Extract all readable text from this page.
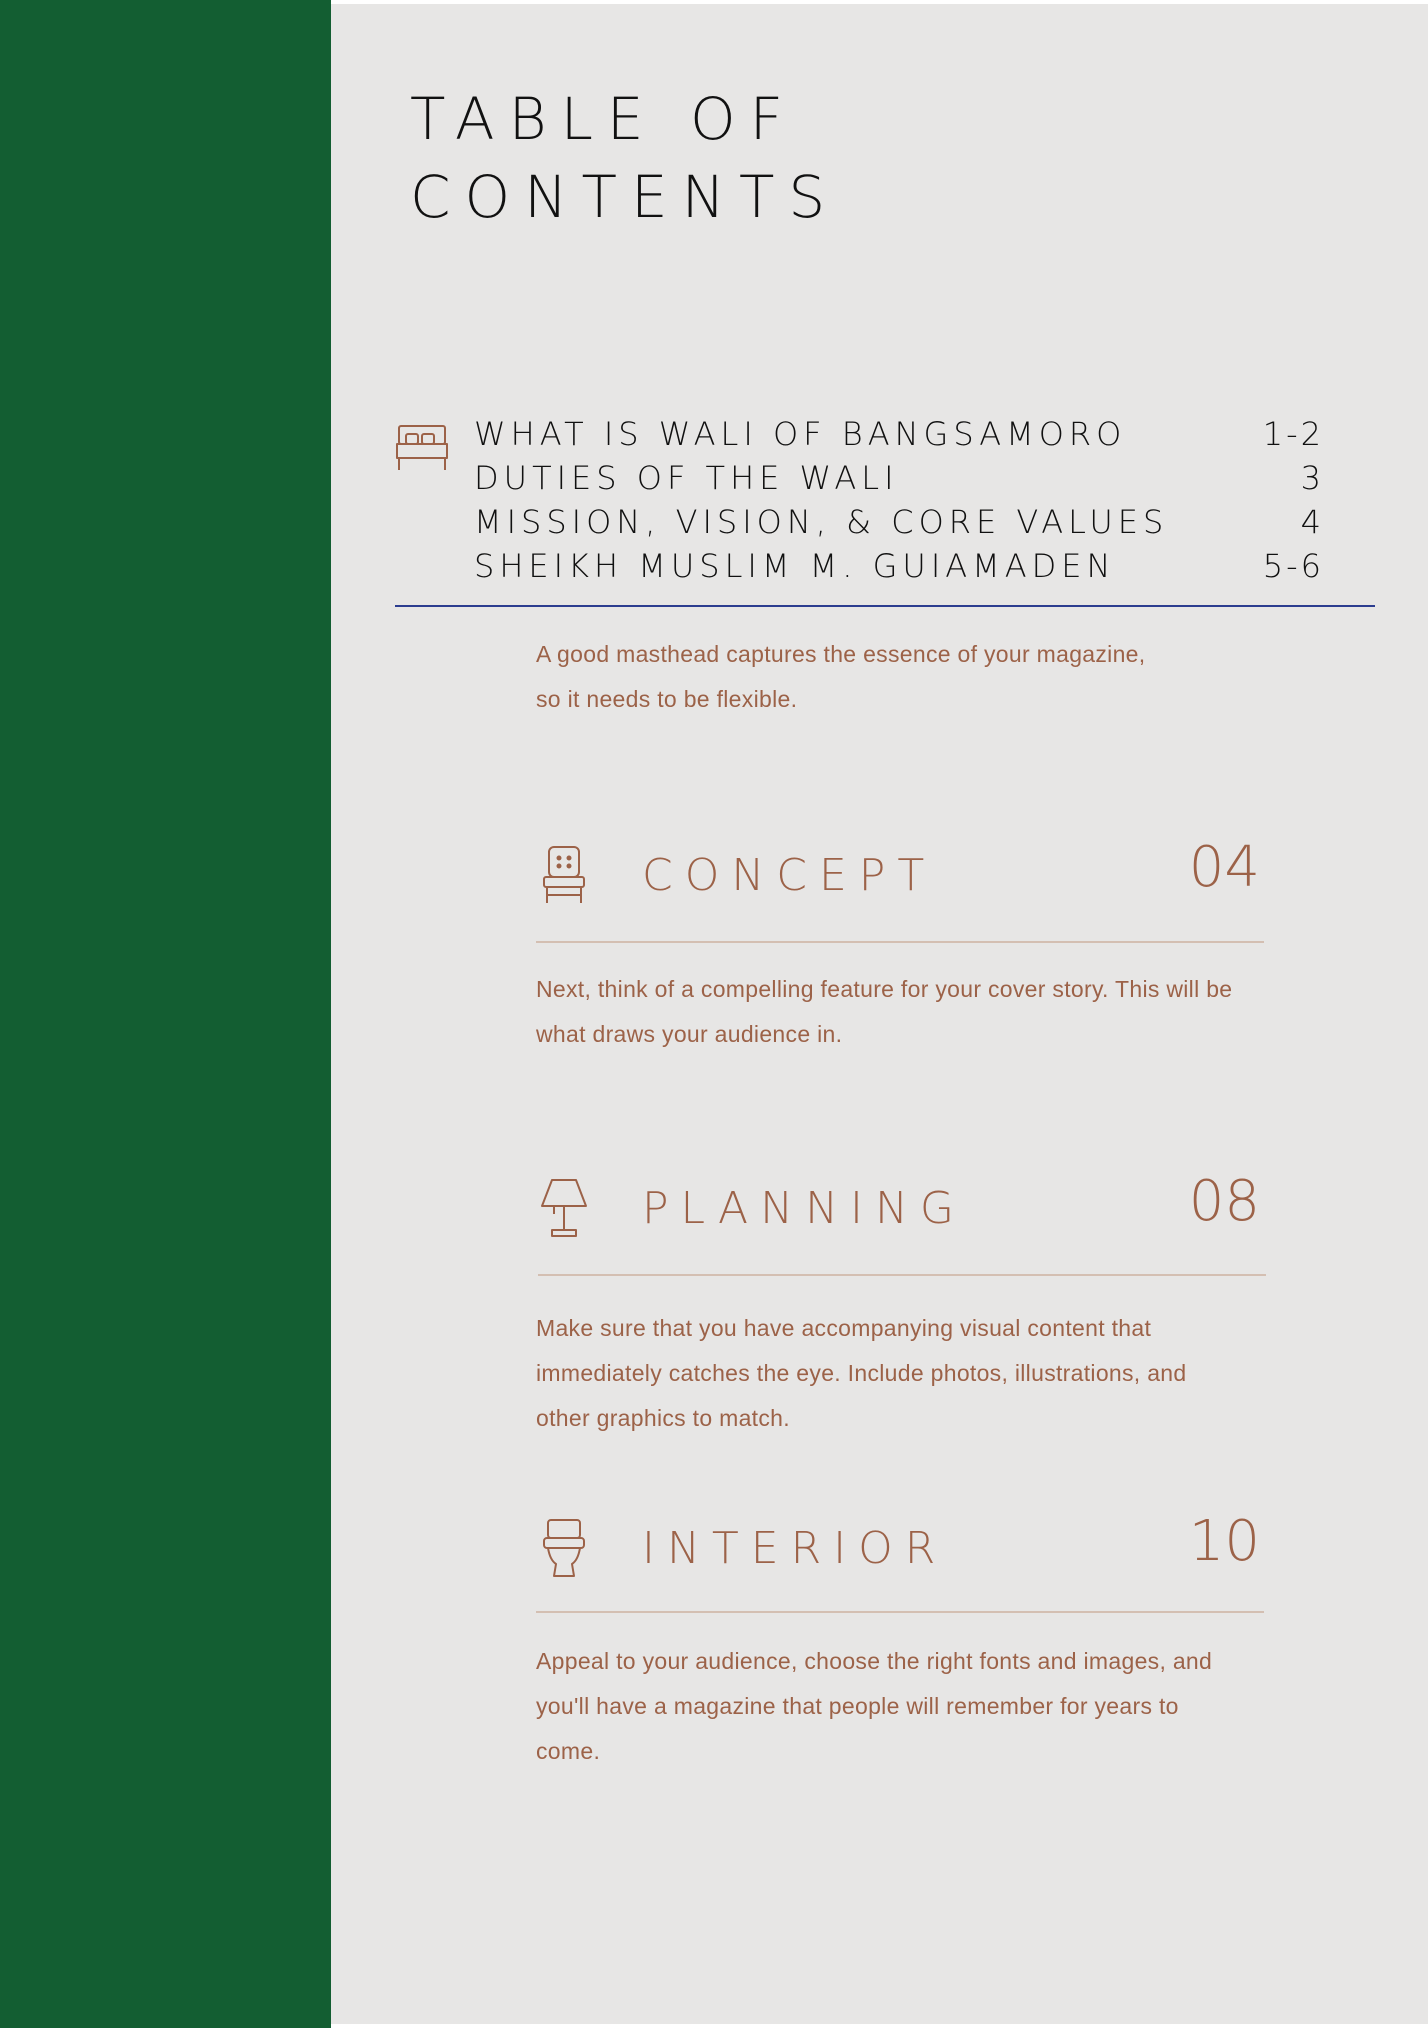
TABLE OF
CONTENTS
WHAT IS WALI OF BANGSAMORO	1-2
DUTIES OF THE WALI	3
MISSION, VISION, & CORE VALUES	4
SHEIKH MUSLIM M. GUIAMADEN	5-6

A good masthead captures the essence of your magazine, so it needs to be flexible.

CONCEPT	04

Next, think of a compelling feature for your cover story. This will be what draws your audience in.

PLANNING	08

Make sure that you have accompanying visual content that immediately catches the eye. Include photos, illustrations, and other graphics to match.

INTERIOR	10

Appeal to your audience, choose the right fonts and images, and you'll have a magazine that people will remember for years to come.
